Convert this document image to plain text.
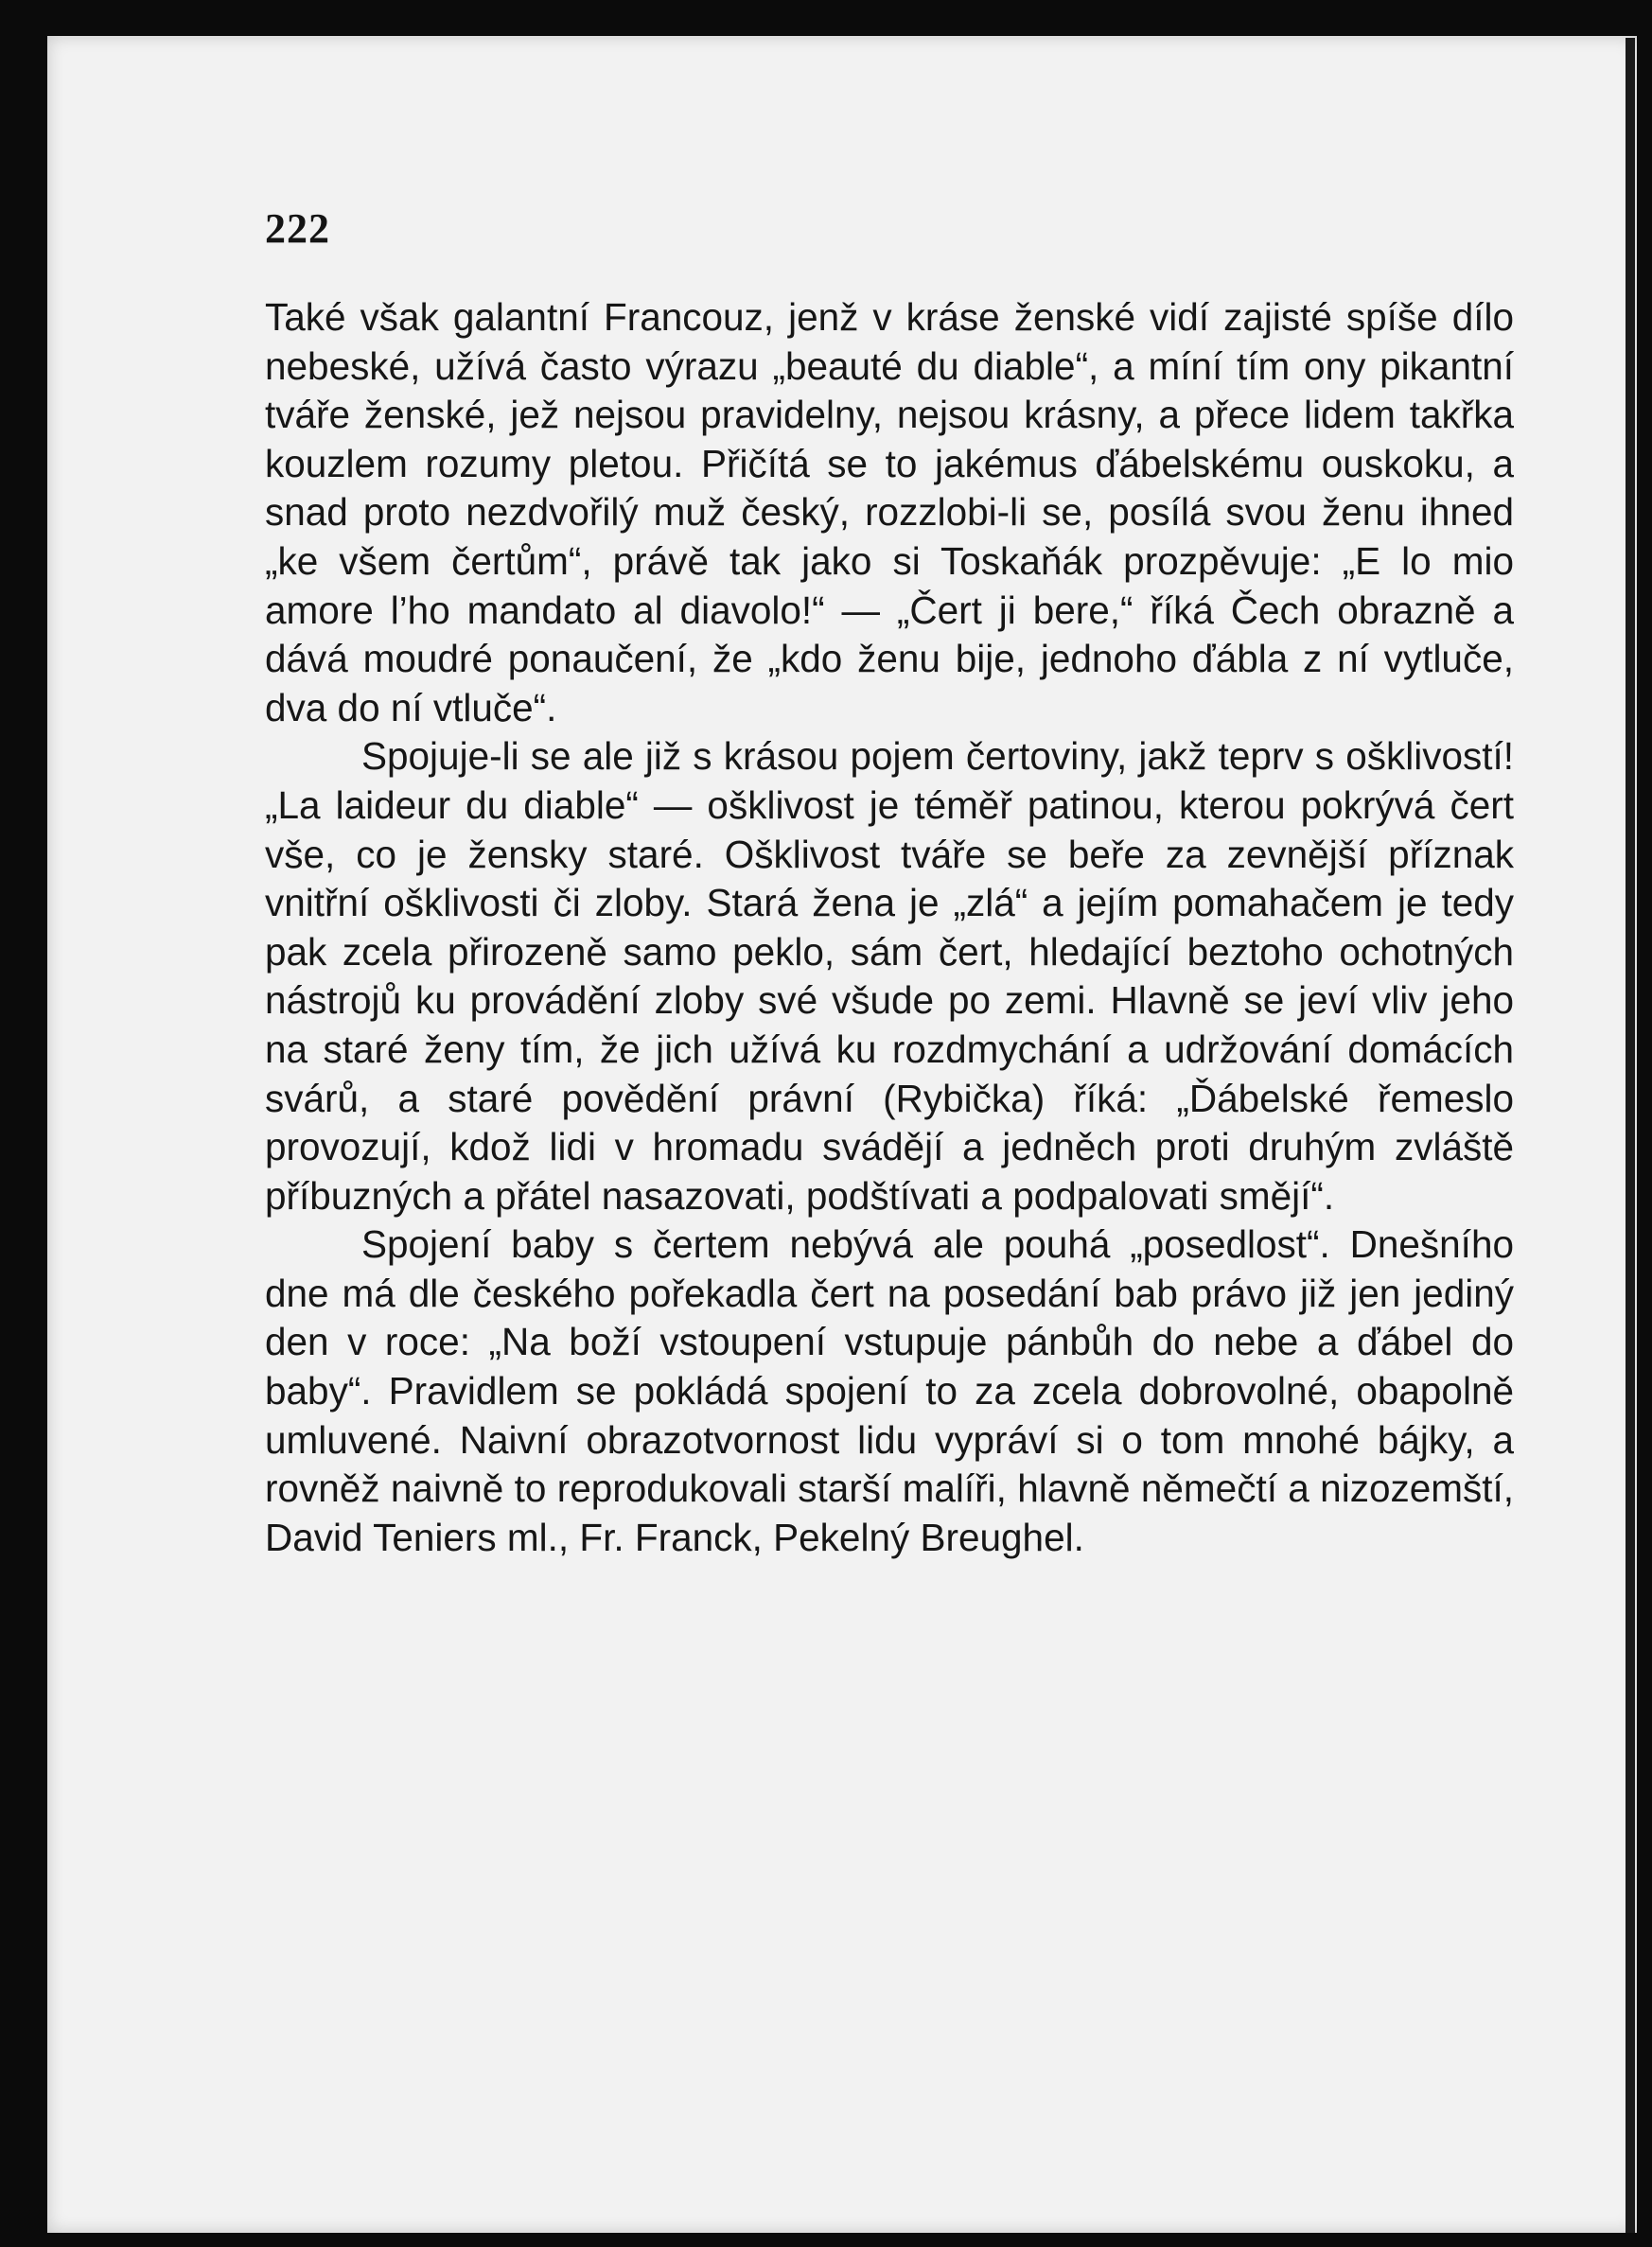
222

Také však galantní Francouz, jenž v kráse ženské vidí zajisté spíše dílo nebeské, užívá často výrazu „beauté du diable“, a míní tím ony pikantní tváře ženské, jež nejsou pravidelny, nejsou krásny, a přece lidem takřka kouzlem rozumy pletou. Přičítá se to jakémus ďábelskému ouskoku, a snad proto nezdvořilý muž český, rozzlobi-li se, posílá svou ženu ihned „ke všem čertům“, právě tak jako si Toskaňák prozpěvuje: „E lo mio amore l’ho mandato al diavolo!“ — „Čert ji bere,“ říká Čech obrazně a dává moudré ponaučení, že „kdo ženu bije, jednoho ďábla z ní vytluče, dva do ní vtluče“.

Spojuje-li se ale již s krásou pojem čertoviny, jakž teprv s ošklivostí! „La laideur du diable“ — ošklivost je téměř patinou, kterou pokrývá čert vše, co je žensky staré. Ošklivost tváře se beře za zevnější příznak vnitřní ošklivosti či zloby. Stará žena je „zlá“ a jejím pomahačem je tedy pak zcela přirozeně samo peklo, sám čert, hledající beztoho ochotných nástrojů ku provádění zloby své všude po zemi. Hlavně se jeví vliv jeho na staré ženy tím, že jich užívá ku rozdmychání a udržování domácích svárů, a staré povědění právní (Rybička) říká: „Ďábelské řemeslo provozují, kdož lidi v hromadu svádějí a jedněch proti druhým zvláště příbuzných a přátel nasazovati, podštívati a podpalovati smějí“.

Spojení baby s čertem nebývá ale pouhá „posedlost“. Dnešního dne má dle českého pořekadla čert na posedání bab právo již jen jediný den v roce: „Na boží vstoupení vstupuje pánbůh do nebe a ďábel do baby“. Pravidlem se pokládá spojení to za zcela dobrovolné, obapolně umluvené. Naivní obrazotvornost lidu vypráví si o tom mnohé bájky, a rovněž naivně to reprodukovali starší malíři, hlavně němečtí a nizozemští, David Teniers ml., Fr. Franck, Pekelný Breughel.
